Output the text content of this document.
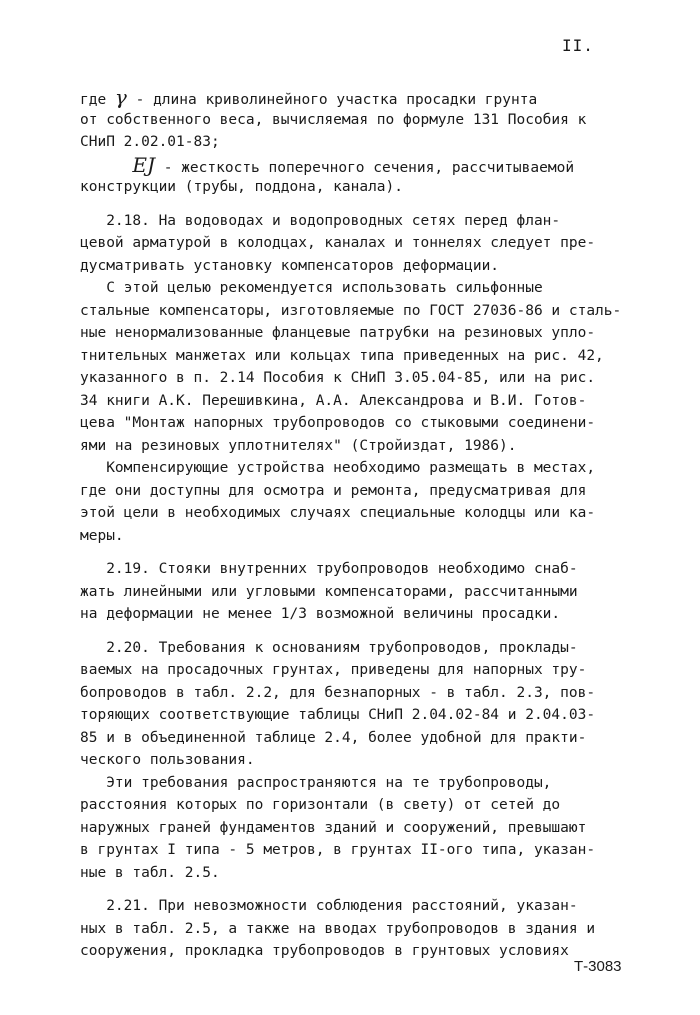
II.
где γ - длина криволинейного участка просадки грунта
от собственного веса, вычисляемая по формуле 131 Пособия к
СНиП 2.02.01-83;
EJ - жесткость поперечного сечения, рассчитываемой
конструкции (трубы, поддона, канала).
2.18. На водоводах и водопроводных сетях перед флан-
цевой арматурой в колодцах, каналах и тоннелях следует пре-
дусматривать установку компенсаторов деформации.
С этой целью рекомендуется использовать сильфонные
стальные компенсаторы, изготовляемые по ГОСТ 27036-86 и сталь-
ные ненормализованные фланцевые патрубки на резиновых упло-
тнительных манжетах или кольцах типа приведенных на рис. 42,
указанного в п. 2.14 Пособия к СНиП 3.05.04-85, или на рис.
34 книги А.К. Перешивкина, А.А. Александрова и В.И. Готов-
цева "Монтаж напорных трубопроводов со стыковыми соединени-
ями на резиновых уплотнителях" (Стройиздат, 1986).
Компенсирующие устройства необходимо размещать в местах,
где они доступны для осмотра и ремонта, предусматривая для
этой цели в необходимых случаях специальные колодцы или ка-
меры.
2.19. Стояки внутренних трубопроводов необходимо снаб-
жать линейными или угловыми компенсаторами, рассчитанными
на деформации не менее 1/3 возможной величины просадки.
2.20. Требования к основаниям трубопроводов, проклады-
ваемых на просадочных грунтах, приведены для напорных тру-
бопроводов в табл. 2.2, для безнапорных - в табл. 2.3, пов-
торяющих соответствующие таблицы СНиП 2.04.02-84 и 2.04.03-
85 и в объединенной таблице 2.4, более удобной для практи-
ческого пользования.
Эти требования распространяются на те трубопроводы,
расстояния которых по горизонтали (в свету) от сетей до
наружных граней фундаментов зданий и сооружений, превышают
в грунтах I типа - 5 метров, в грунтах II-ого типа, указан-
ные в табл. 2.5.
2.21. При невозможности соблюдения расстояний, указан-
ных в табл. 2.5, а также на вводах трубопроводов в здания и
сооружения, прокладка трубопроводов в грунтовых условиях
Т-3083
